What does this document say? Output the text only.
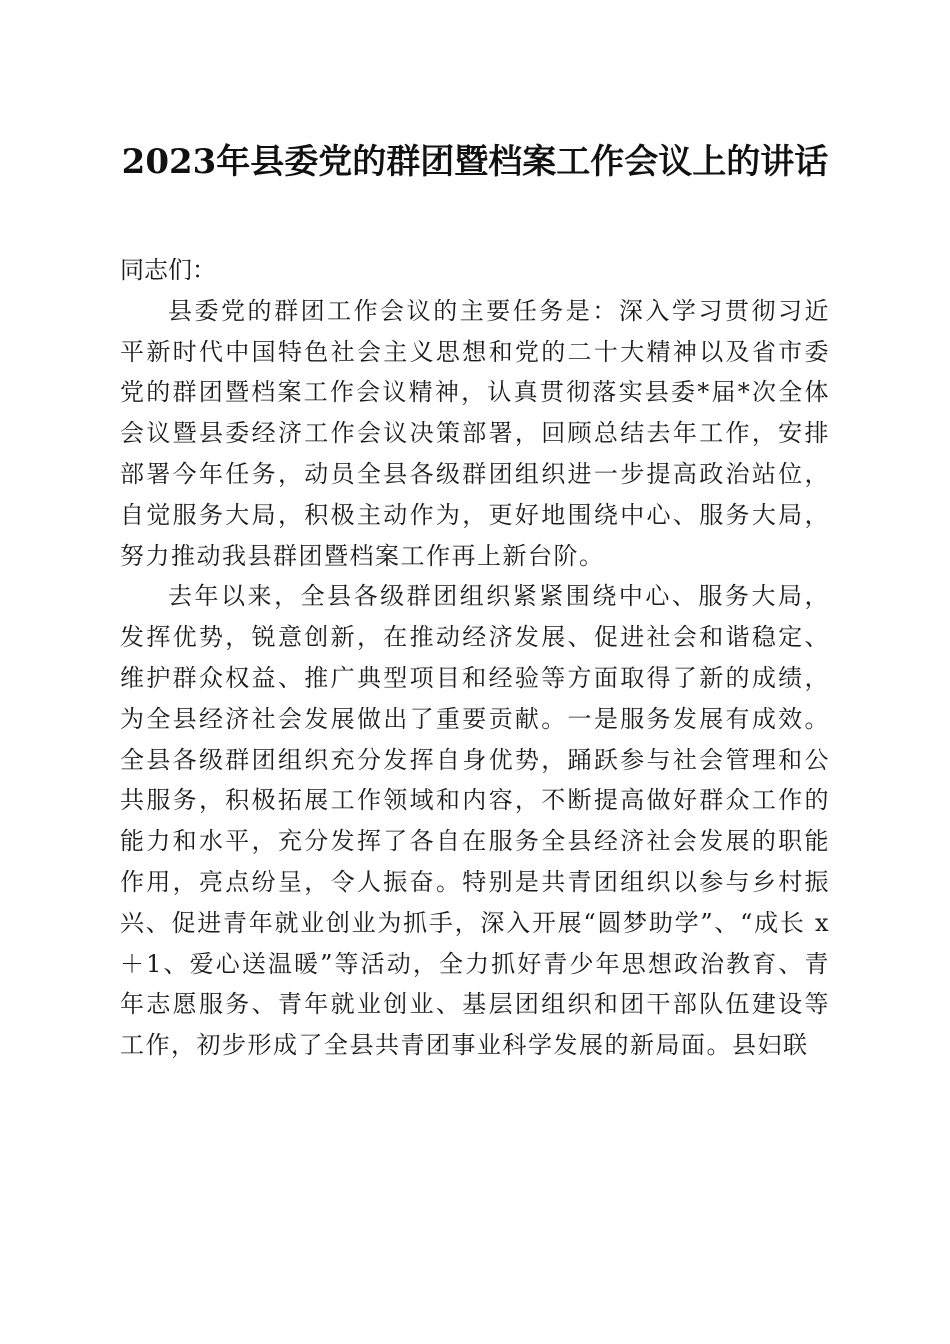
2023年县委党的群团暨档案工作会议上的讲话

同志们：

县委党的群团工作会议的主要任务是：深入学习贯彻习近平新时代中国特色社会主义思想和党的二十大精神以及省市委党的群团暨档案工作会议精神，认真贯彻落实县委*届*次全体会议暨县委经济工作会议决策部署，回顾总结去年工作，安排部署今年任务，动员全县各级群团组织进一步提高政治站位，自觉服务大局，积极主动作为，更好地围绕中心、服务大局，努力推动我县群团暨档案工作再上新台阶。

去年以来，全县各级群团组织紧紧围绕中心、服务大局，发挥优势，锐意创新，在推动经济发展、促进社会和谐稳定、维护群众权益、推广典型项目和经验等方面取得了新的成绩，为全县经济社会发展做出了重要贡献。一是服务发展有成效。全县各级群团组织充分发挥自身优势，踊跃参与社会管理和公共服务，积极拓展工作领域和内容，不断提高做好群众工作的能力和水平，充分发挥了各自在服务全县经济社会发展的职能作用，亮点纷呈，令人振奋。特别是共青团组织以参与乡村振兴、促进青年就业创业为抓手，深入开展“圆梦助学”、“成长 x＋1、爱心送温暖”等活动，全力抓好青少年思想政治教育、青年志愿服务、青年就业创业、基层团组织和团干部队伍建设等工作，初步形成了全县共青团事业科学发展的新局面。县妇联
